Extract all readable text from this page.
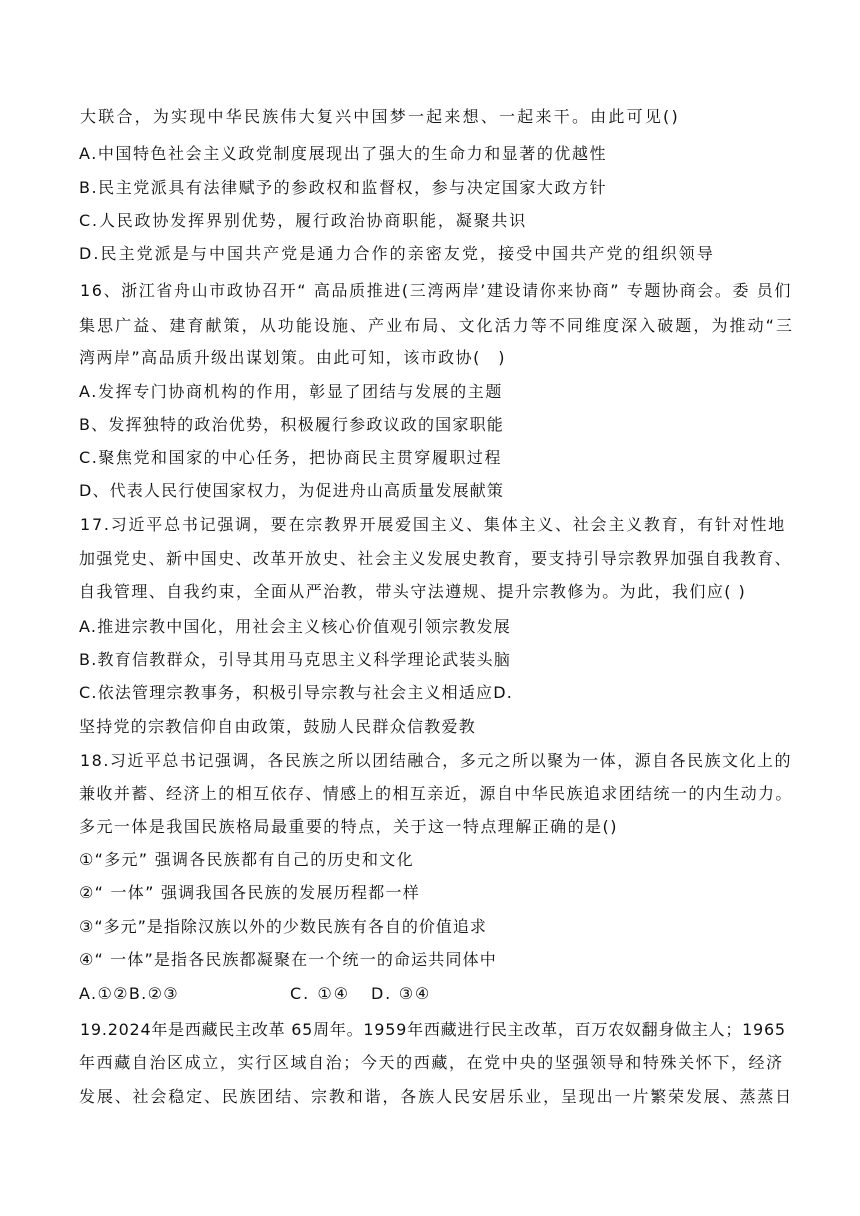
大联合，为实现中华民族伟大复兴中国梦一起来想、一起来干。由此可见()
A.中国特色社会主义政党制度展现出了强大的生命力和显著的优越性
B.民主党派具有法律赋予的参政权和监督权，参与决定国家大政方针
C.人民政协发挥界别优势，履行政治协商职能，凝聚共识
D.民主党派是与中国共产党是通力合作的亲密友党，接受中国共产党的组织领导
16、浙江省舟山市政协召开“ 高品质推进(三湾两岸’建设请你来协商” 专题协商会。委 员们
集思广益、建育献策，从功能设施、产业布局、文化活力等不同维度深入破题，为推动“三
湾两岸”高品质升级出谋划策。由此可知，该市政协(　)
A.发挥专门协商机构的作用，彰显了团结与发展的主题
B、发挥独特的政治优势，积极履行参政议政的国家职能
C.聚焦党和国家的中心任务，把协商民主贯穿履职过程
D、代表人民行使国家权力，为促进舟山高质量发展献策
17.习近平总书记强调，要在宗教界开展爱国主义、集体主义、社会主义教育，有针对性地
加强党史、新中国史、改革开放史、社会主义发展史教育，要支持引导宗教界加强自我教育、
自我管理、自我约束，全面从严治教，带头守法遵规、提升宗教修为。为此，我们应( )
A.推进宗教中国化，用社会主义核心价值观引领宗教发展
B.教育信教群众，引导其用马克思主义科学理论武装头脑
C.依法管理宗教事务，积极引导宗教与社会主义相适应D.
坚持党的宗教信仰自由政策，鼓励人民群众信教爱教
18.习近平总书记强调，各民族之所以团结融合，多元之所以聚为一体，源自各民族文化上的
兼收并蓄、经济上的相互依存、情感上的相互亲近，源自中华民族追求团结统一的内生动力。
多元一体是我国民族格局最重要的特点，关于这一特点理解正确的是()
①“多元” 强调各民族都有自己的历史和文化
②“ 一体” 强调我国各民族的发展历程都一样
③“多元”是指除汉族以外的少数民族有各自的价值追求
④“ 一体”是指各民族都凝聚在一个统一的命运共同体中
A.①②B.②③	C. ①④ D. ③④
19.2024年是西藏民主改革 65周年。1959年西藏进行民主改革，百万农奴翻身做主人；1965
年西藏自治区成立，实行区域自治；今天的西藏，在党中央的坚强领导和特殊关怀下，经济
发展、社会稳定、民族团结、宗教和谐，各族人民安居乐业，呈现出一片繁荣发展、蒸蒸日
